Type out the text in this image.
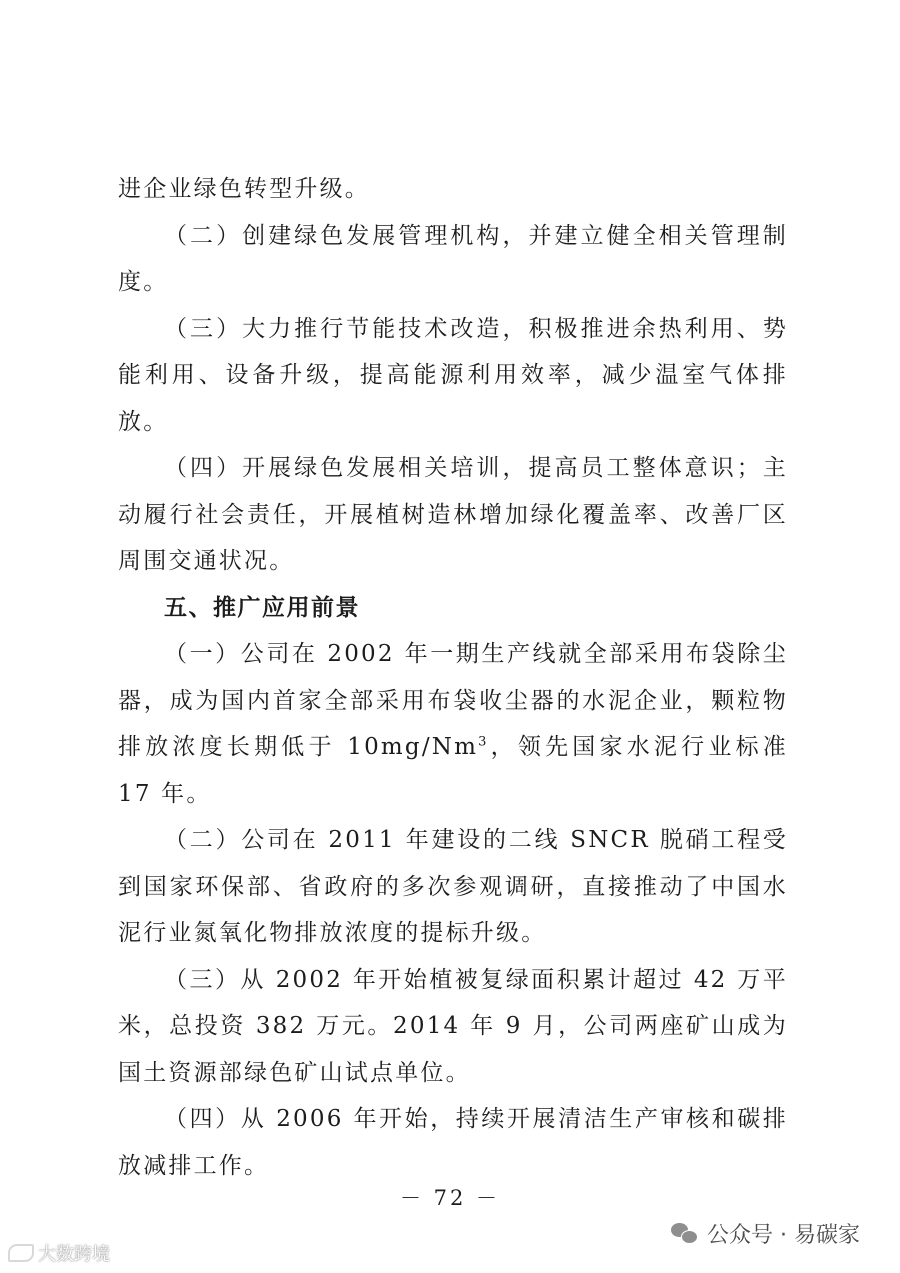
进企业绿色转型升级。

（二）创建绿色发展管理机构，并建立健全相关管理制度。

（三）大力推行节能技术改造，积极推进余热利用、势能利用、设备升级，提高能源利用效率，减少温室气体排放。

（四）开展绿色发展相关培训，提高员工整体意识；主动履行社会责任，开展植树造林增加绿化覆盖率、改善厂区周围交通状况。

五、推广应用前景

（一）公司在 2002 年一期生产线就全部采用布袋除尘器，成为国内首家全部采用布袋收尘器的水泥企业，颗粒物排放浓度长期低于 10mg/Nm$^3$，领先国家水泥行业标准 17 年。

（二）公司在 2011 年建设的二线 SNCR 脱硝工程受到国家环保部、省政府的多次参观调研，直接推动了中国水泥行业氮氧化物排放浓度的提标升级。

（三）从 2002 年开始植被复绿面积累计超过 42 万平米，总投资 382 万元。2014 年 9 月，公司两座矿山成为国土资源部绿色矿山试点单位。

（四）从 2006 年开始，持续开展清洁生产审核和碳排放减排工作。

－ 72 －
公众号 · 易碳家
大数跨境
